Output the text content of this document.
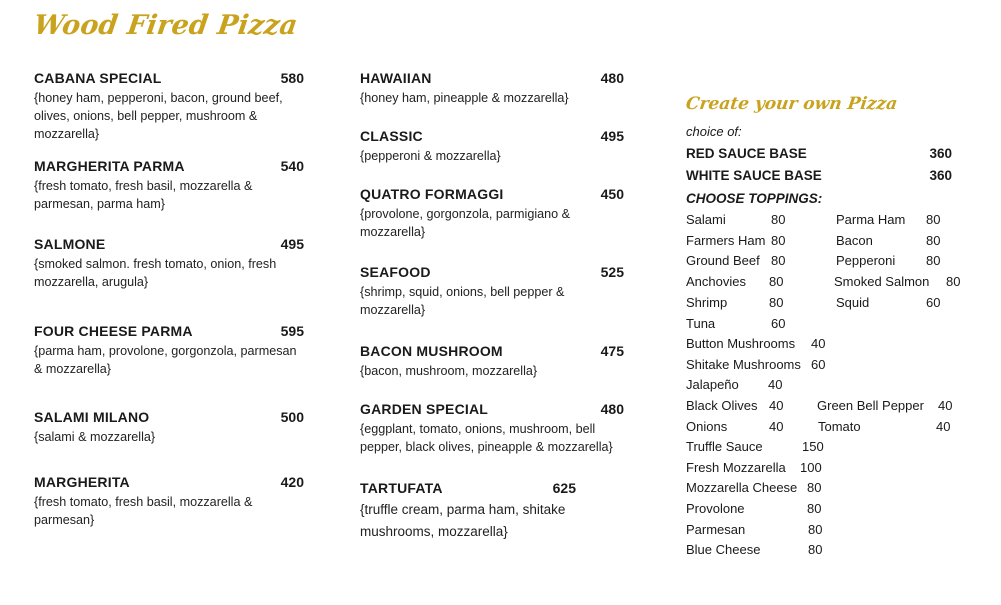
Wood Fired Pizza
CABANA SPECIAL	580
{honey ham, pepperoni, bacon, ground beef, olives, onions, bell pepper, mushroom & mozzarella}
MARGHERITA PARMA	540
{fresh tomato, fresh basil, mozzarella & parmesan, parma ham}
SALMONE	495
{smoked salmon. fresh tomato, onion, fresh mozzarella, arugula}
FOUR CHEESE PARMA	595
{parma ham, provolone, gorgonzola, parmesan & mozzarella}
SALAMI MILANO	500
{salami & mozzarella}
MARGHERITA	420
{fresh tomato, fresh basil, mozzarella & parmesan}
HAWAIIAN	480
{honey ham, pineapple & mozzarella}
CLASSIC	495
{pepperoni & mozzarella}
QUATRO FORMAGGI	450
{provolone, gorgonzola, parmigiano & mozzarella}
SEAFOOD	525
{shrimp, squid, onions, bell pepper & mozzarella}
BACON MUSHROOM	475
{bacon, mushroom, mozzarella}
GARDEN SPECIAL	480
{eggplant, tomato, onions, mushroom, bell pepper, black olives, pineapple & mozzarella}
TARTUFATA	625
{truffle cream, parma ham, shitake mushrooms, mozzarella}
Create your own Pizza
choice of:
RED SAUCE BASE	360
WHITE SAUCE BASE	360
CHOOSE TOPPINGS:
Salami	80	Parma Ham 80
Farmers Ham 80	Bacon	80
Ground Beef 80	Pepperoni 80
Anchovies 80	Smoked Salmon 80
Shrimp	80	Squid	60
Tuna	60
Button Mushrooms 40
Shitake Mushrooms 60
Jalapeño 40
Black Olives 40	Green Bell Pepper 40
Onions	40	Tomato	40
Truffle Sauce	150
Fresh Mozzarella 100
Mozzarella Cheese 80
Provolone	80
Parmesan	80
Blue Cheese	80
